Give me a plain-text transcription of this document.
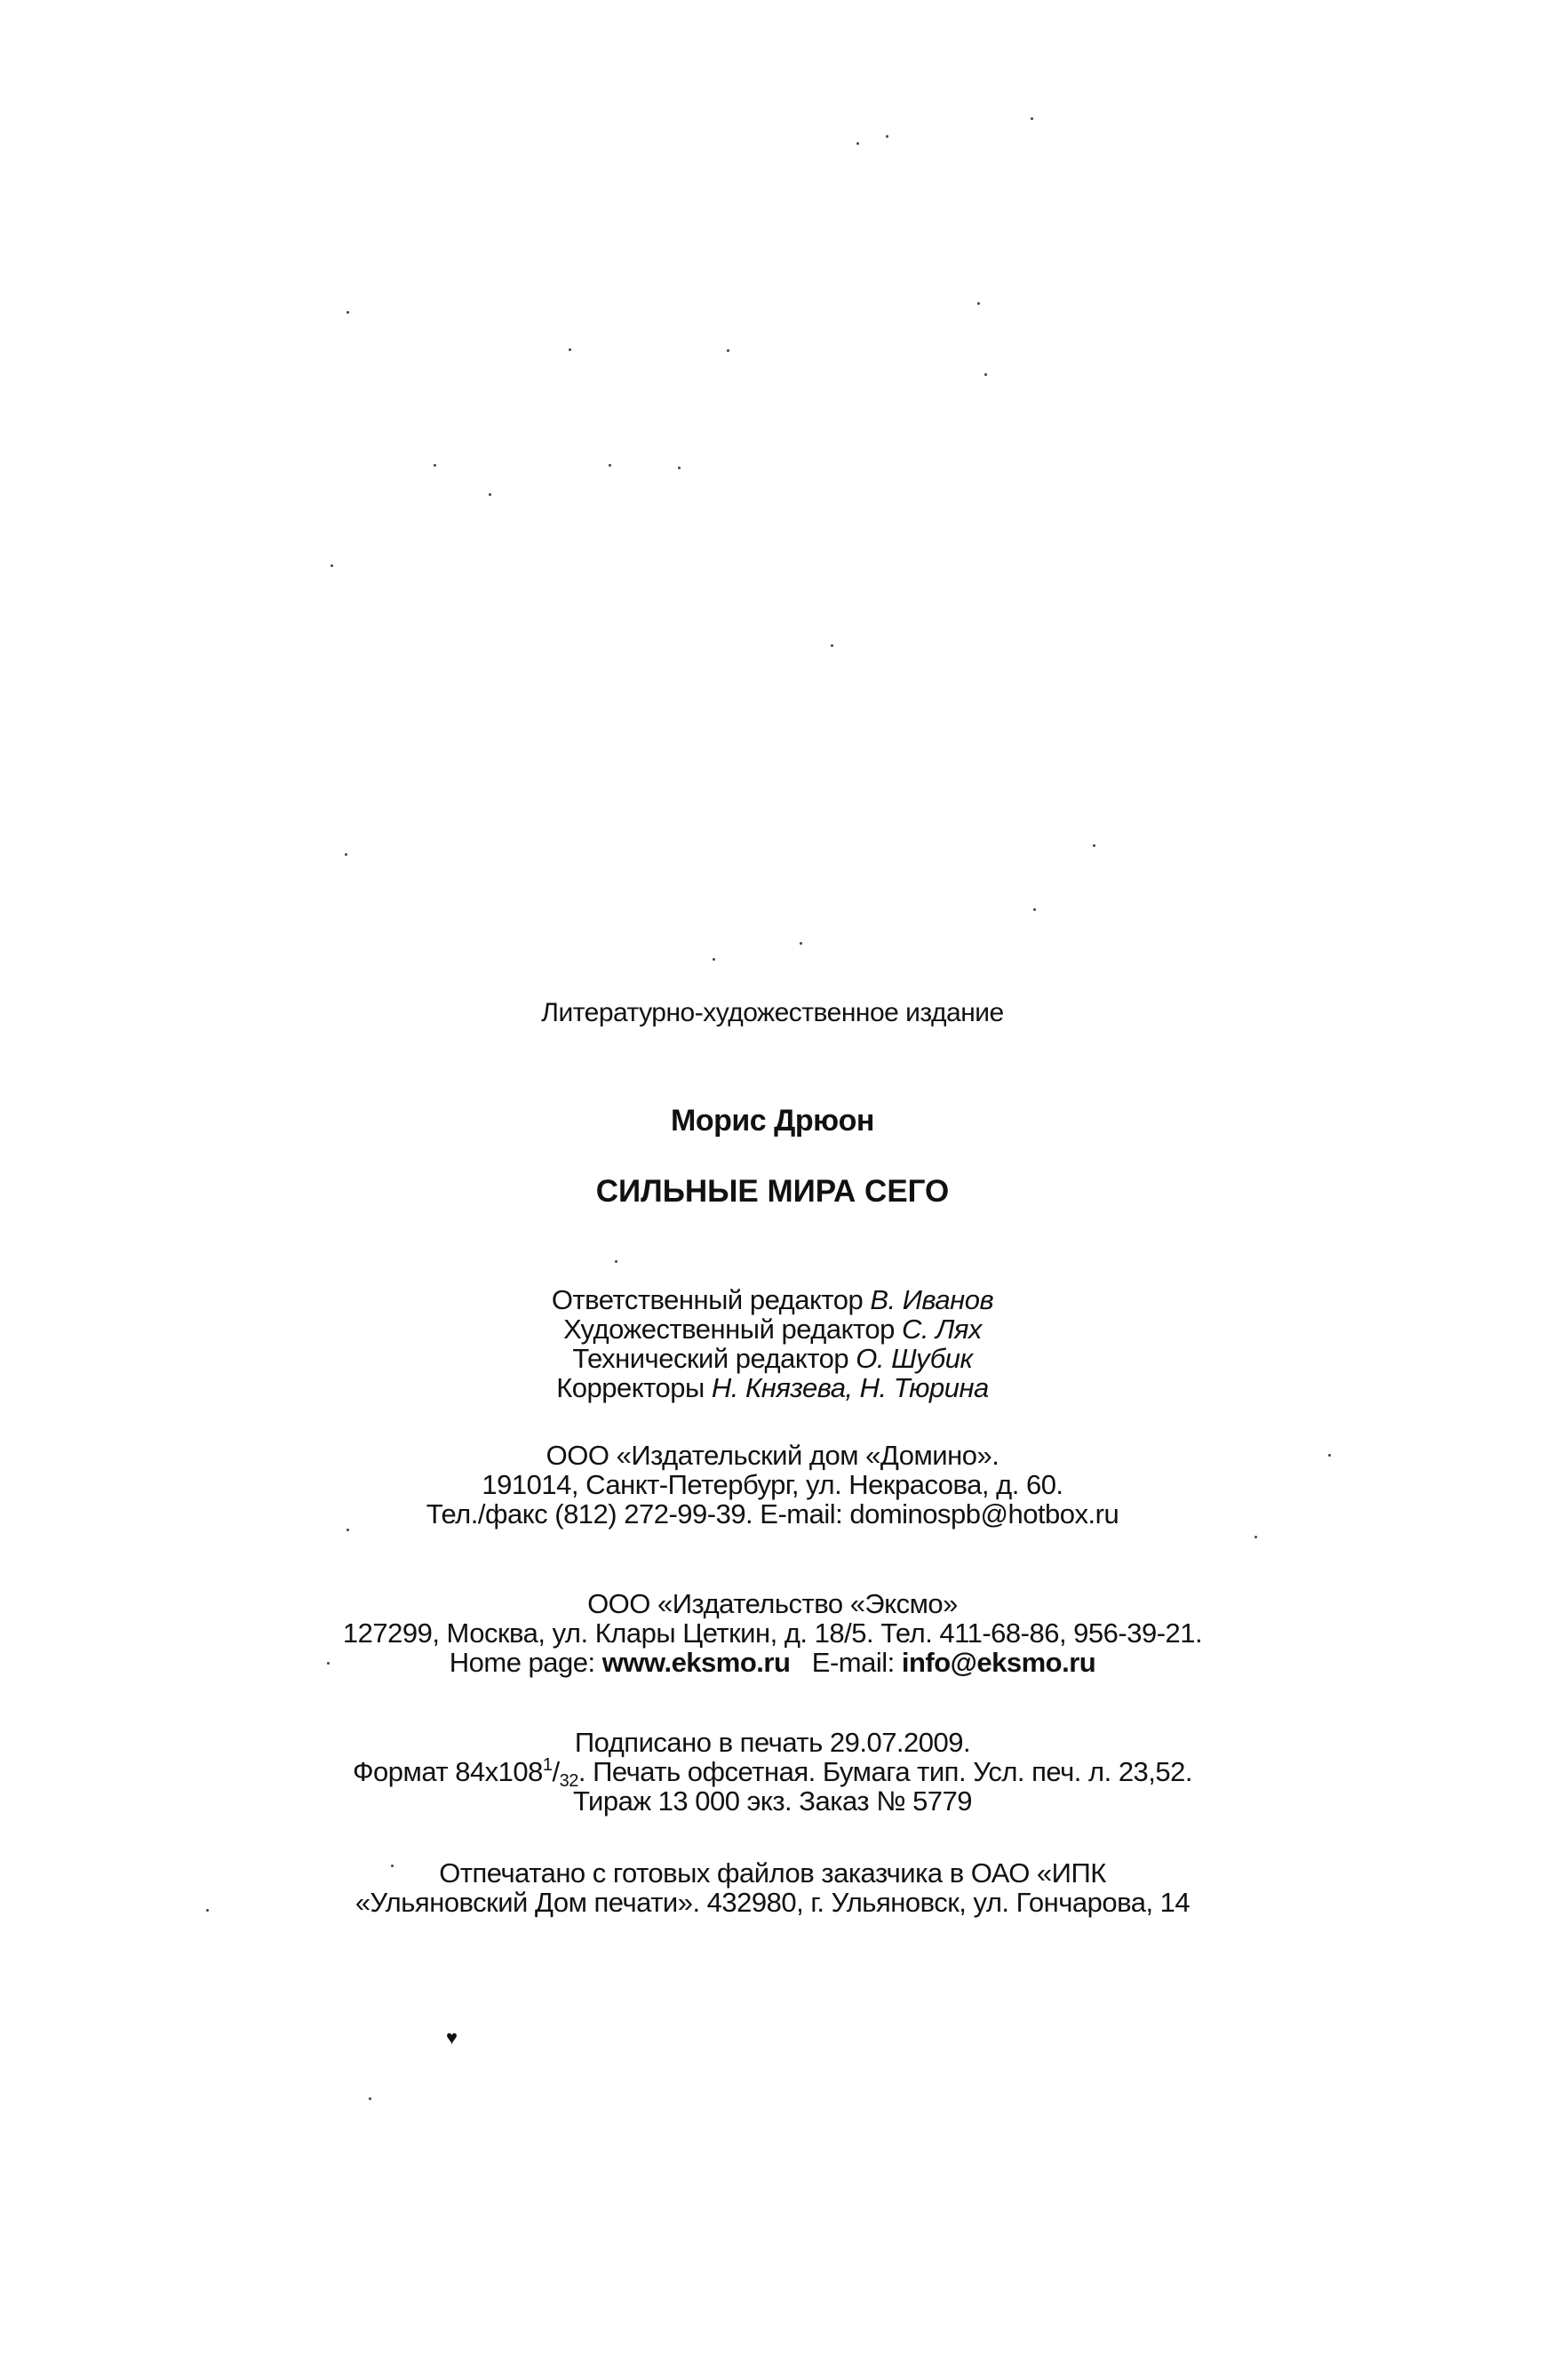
Литературно-художественное издание
Морис Дрюон
СИЛЬНЫЕ МИРА СЕГО
Ответственный редактор В. Иванов
Художественный редактор С. Лях
Технический редактор О. Шубик
Корректоры Н. Князева, Н. Тюрина
ООО «Издательский дом «Домино».
191014, Санкт-Петербург, ул. Некрасова, д. 60.
Тел./факс (812) 272-99-39. E-mail: dominospb@hotbox.ru
ООО «Издательство «Эксмо»
127299, Москва, ул. Клары Цеткин, д. 18/5. Тел. 411-68-86, 956-39-21.
Home page: www.eksmo.ru E-mail: info@eksmo.ru
Подписано в печать 29.07.2009.
Формат $84x108^1/_{32}$. Печать офсетная. Бумага тип. Усл. печ. л. 23,52.
Тираж 13 000 экз. Заказ № 5779
Отпечатано с готовых файлов заказчика в ОАО «ИПК
«Ульяновский Дом печати». 432980, г. Ульяновск, ул. Гончарова, 14
♥
